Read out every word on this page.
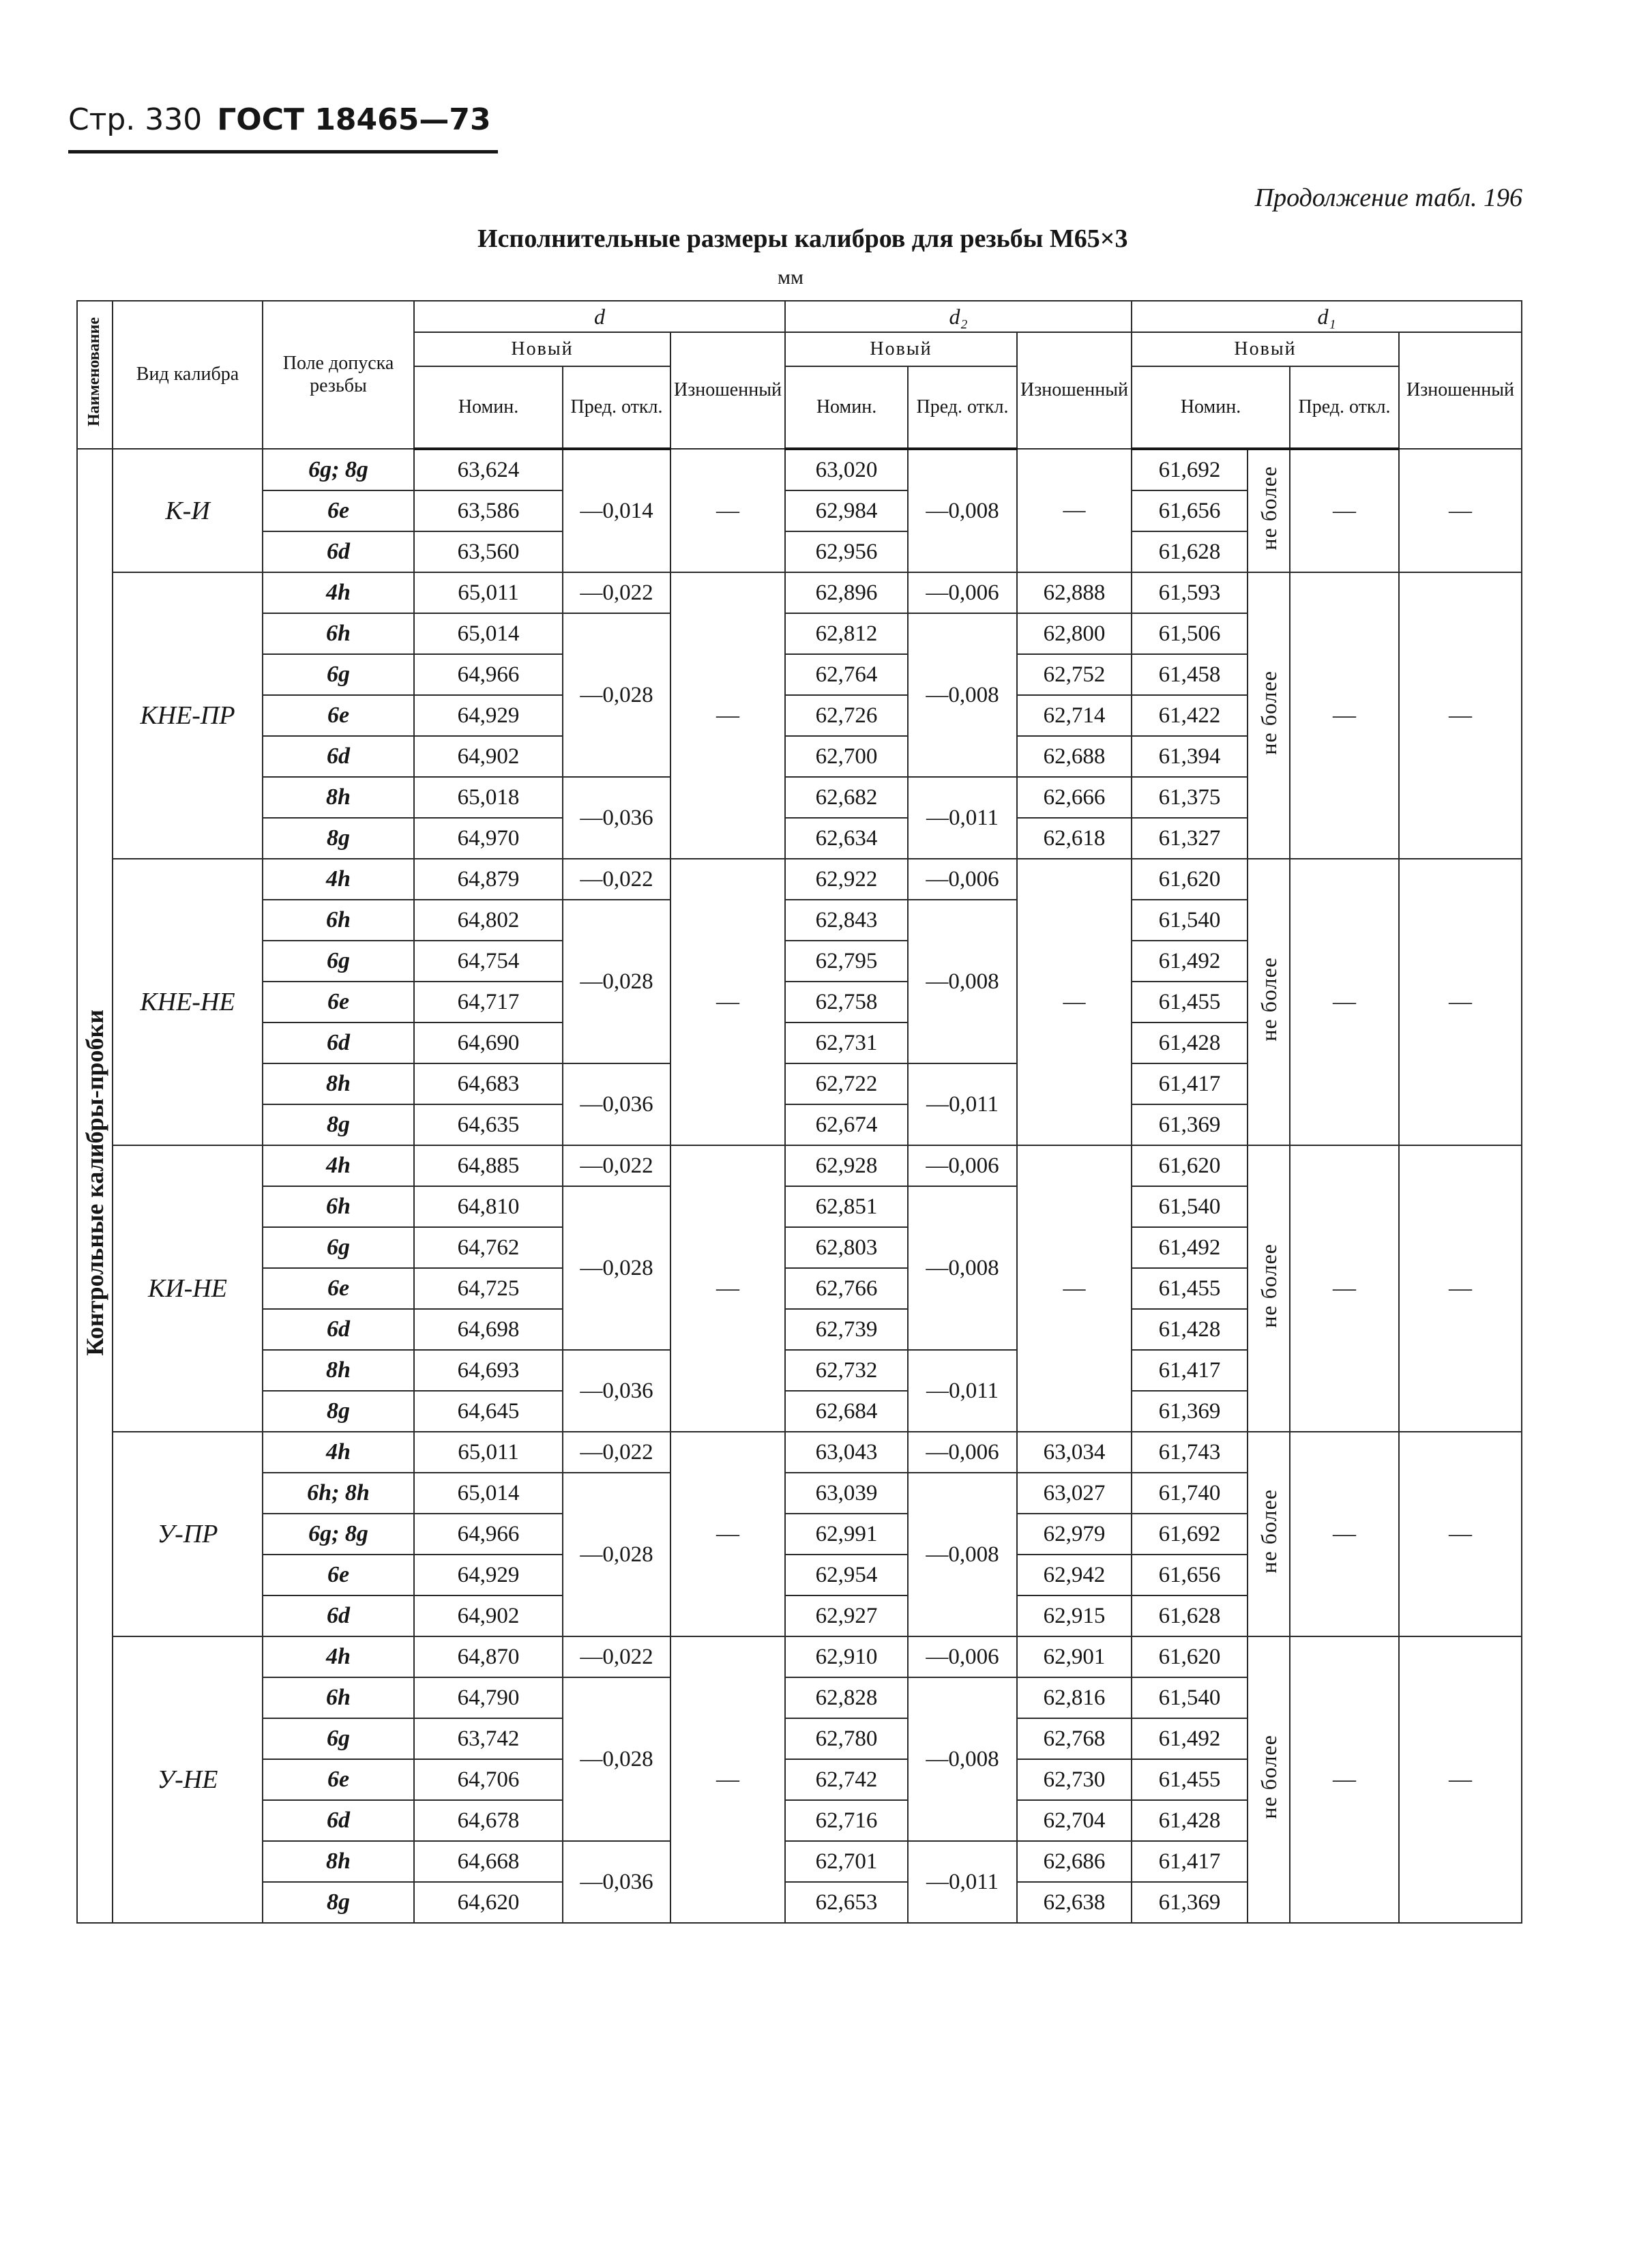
Стр. 330 ГОСТ 18465—73
Продолжение табл. 196
Исполнительные размеры калибров для резьбы М65×3
мм
Наименование	Вид калибра	Поле допуска резьбы	d			d₂			d₁			
			Новый		Изношенный	Новый		Изношенный	Новый			Изношенный
			Номин.	Пред. откл.		Номин.	Пред. откл.		Номин.		Пред. откл.	
Контрольные калибры-пробки	К-И	6g; 8g	63,624	—0,014	—	63,020	—0,008	—	61,692	не более	—	—
		6e	63,586			62,984			61,656			
		6d	63,560			62,956			61,628			
	КНЕ-ПР	4h	65,011	—0,022	—	62,896	—0,006	62,888	61,593	не более	—	—
		6h	65,014	—0,028		62,812	—0,008	62,800	61,506			
		6g	64,966			62,764		62,752	61,458			
		6e	64,929			62,726		62,714	61,422			
		6d	64,902			62,700		62,688	61,394			
		8h	65,018	—0,036		62,682	—0,011	62,666	61,375			
		8g	64,970			62,634		62,618	61,327			
	КНЕ-НЕ	4h	64,879	—0,022	—	62,922	—0,006	—	61,620	не более	—	—
		6h	64,802	—0,028		62,843	—0,008		61,540			
		6g	64,754			62,795			61,492			
		6e	64,717			62,758			61,455			
		6d	64,690			62,731			61,428			
		8h	64,683	—0,036		62,722	—0,011		61,417			
		8g	64,635			62,674			61,369			
	КИ-НЕ	4h	64,885	—0,022	—	62,928	—0,006	—	61,620	не более	—	—
		6h	64,810	—0,028		62,851	—0,008		61,540			
		6g	64,762			62,803			61,492			
		6e	64,725			62,766			61,455			
		6d	64,698			62,739			61,428			
		8h	64,693	—0,036		62,732	—0,011		61,417			
		8g	64,645			62,684			61,369			
	У-ПР	4h	65,011	—0,022	—	63,043	—0,006	63,034	61,743	не более	—	—
		6h; 8h	65,014	—0,028		63,039	—0,008	63,027	61,740			
		6g; 8g	64,966			62,991		62,979	61,692			
		6e	64,929			62,954		62,942	61,656			
		6d	64,902			62,927		62,915	61,628			
	У-НЕ	4h	64,870	—0,022	—	62,910	—0,006	62,901	61,620	не более	—	—
		6h	64,790	—0,028		62,828	—0,008	62,816	61,540			
		6g	63,742			62,780		62,768	61,492			
		6e	64,706			62,742		62,730	61,455			
		6d	64,678			62,716		62,704	61,428			
		8h	64,668	—0,036		62,701	—0,011	62,686	61,417			
		8g	64,620			62,653		62,638	61,369			
